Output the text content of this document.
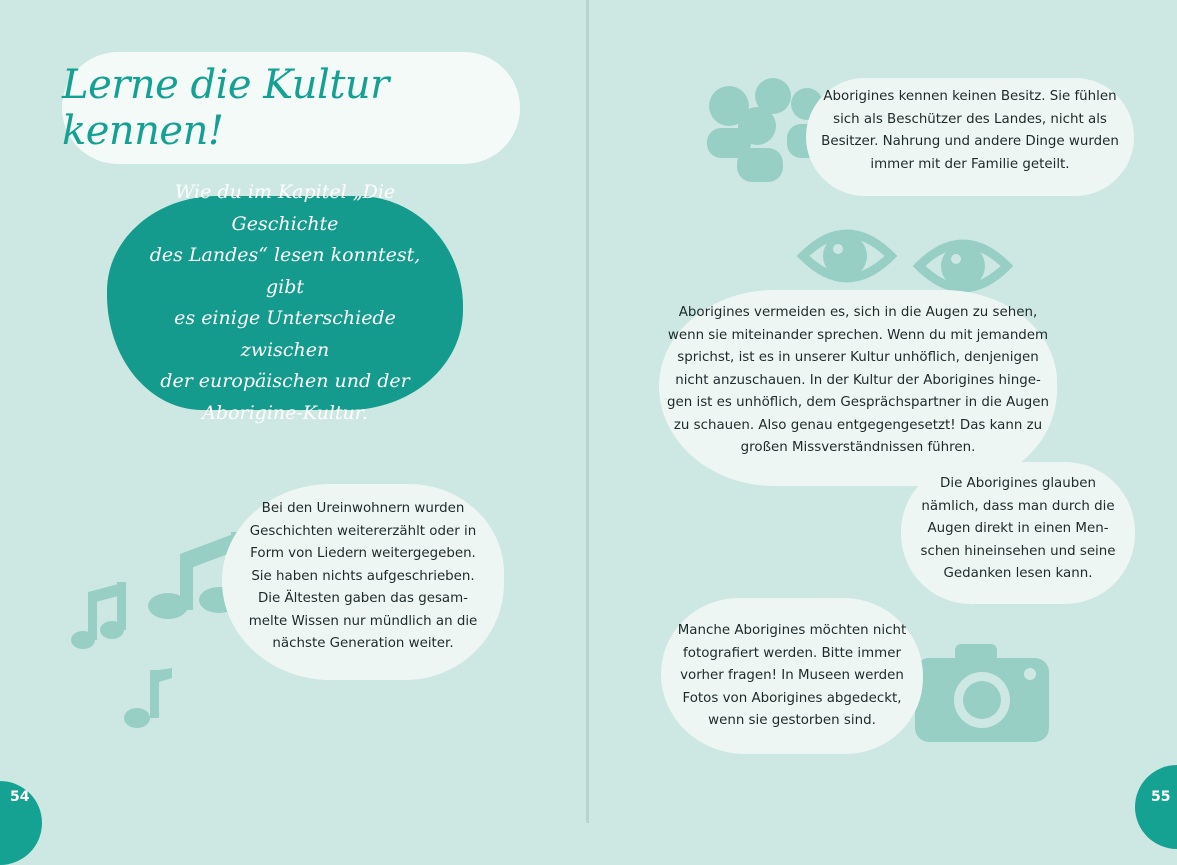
Lerne die Kultur kennen!
Wie du im Kapitel „Die Geschichte
des Landes“ lesen konntest, gibt
es einige Unterschiede zwischen
der europäischen und der
Aborigine-Kultur.
Bei den Ureinwohnern wurden
Geschichten weitererzählt oder in
Form von Liedern weitergegeben.
Sie haben nichts aufgeschrieben.
Die Ältesten gaben das gesam-
melte Wissen nur mündlich an die
nächste Generation weiter.
54
Aborigines kennen keinen Besitz. Sie fühlen
sich als Beschützer des Landes, nicht als
Besitzer. Nahrung und andere Dinge wurden
immer mit der Familie geteilt.
Aborigines vermeiden es, sich in die Augen zu sehen,
wenn sie miteinander sprechen. Wenn du mit jemandem
sprichst, ist es in unserer Kultur unhöflich, denjenigen
nicht anzuschauen. In der Kultur der Aborigines hinge-
gen ist es unhöflich, dem Gesprächspartner in die Augen
zu schauen. Also genau entgegengesetzt! Das kann zu
großen Missverständnissen führen.
Die Aborigines glauben
nämlich, dass man durch die
Augen direkt in einen Men-
schen hineinsehen und seine
Gedanken lesen kann.
Manche Aborigines möchten nicht
fotografiert werden. Bitte immer
vorher fragen! In Museen werden
Fotos von Aborigines abgedeckt,
wenn sie gestorben sind.
55
